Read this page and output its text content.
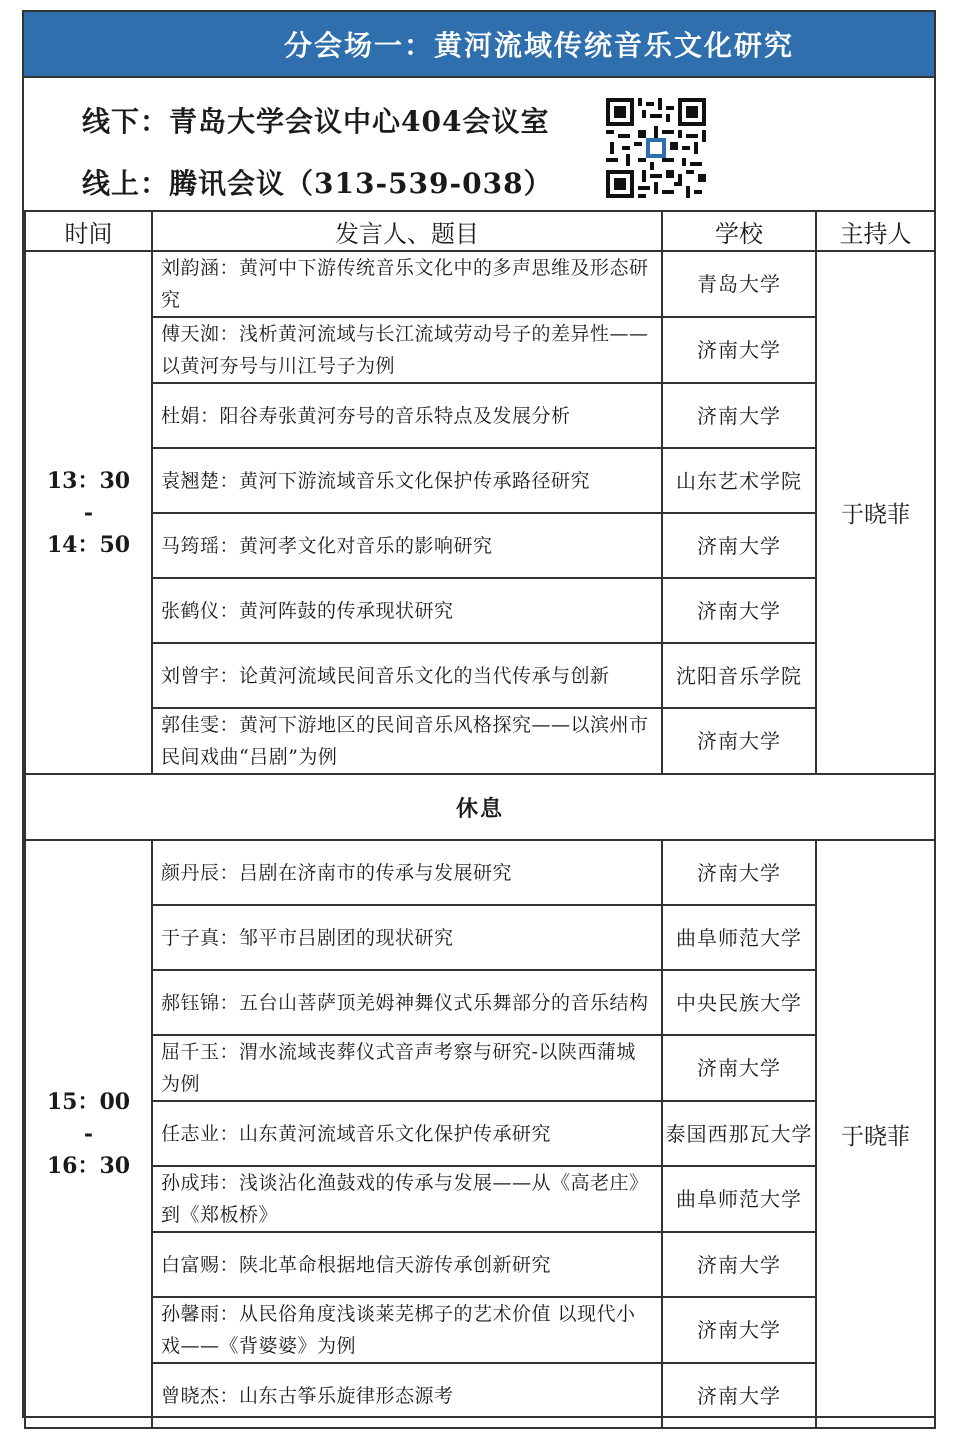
分会场一：黄河流域传统音乐文化研究
线下：青岛大学会议中心404会议室
线上：腾讯会议（313-539-038）
时间	发言人、题目	学校	主持人

13：30
-
14：50	刘韵涵：黄河中下游传统音乐文化中的多声思维及形态研究	青岛大学	于晓菲
	傅天洳：浅析黄河流域与长江流域劳动号子的差异性——以黄河夯号与川江号子为例	济南大学	
	杜娟：阳谷寿张黄河夯号的音乐特点及发展分析	济南大学	
	袁翘楚：黄河下游流域音乐文化保护传承路径研究	山东艺术学院	
	马筠瑶：黄河孝文化对音乐的影响研究	济南大学	
	张鹤仪：黄河阵鼓的传承现状研究	济南大学	
	刘曾宇：论黄河流域民间音乐文化的当代传承与创新	沈阳音乐学院	
	郭佳雯：黄河下游地区的民间音乐风格探究——以滨州市民间戏曲“吕剧”为例	济南大学	
休息			

15：00
-
16：30	颜丹辰：吕剧在济南市的传承与发展研究	济南大学	于晓菲
	于子真：邹平市吕剧团的现状研究	曲阜师范大学	
	郝钰锦：五台山菩萨顶羌姆神舞仪式乐舞部分的音乐结构	中央民族大学	
	屈千玉：渭水流域丧葬仪式音声考察与研究-以陕西蒲城为例	济南大学	
	任志业：山东黄河流域音乐文化保护传承研究	泰国西那瓦大学	
	孙成玮：浅谈沾化渔鼓戏的传承与发展——从《高老庄》到《郑板桥》	曲阜师范大学	
	白富赐：陕北革命根据地信天游传承创新研究	济南大学	
	孙馨雨：从民俗角度浅谈莱芜梆子的艺术价值 以现代小戏——《背婆婆》为例	济南大学	
	曾晓杰：山东古筝乐旋律形态源考	济南大学	
